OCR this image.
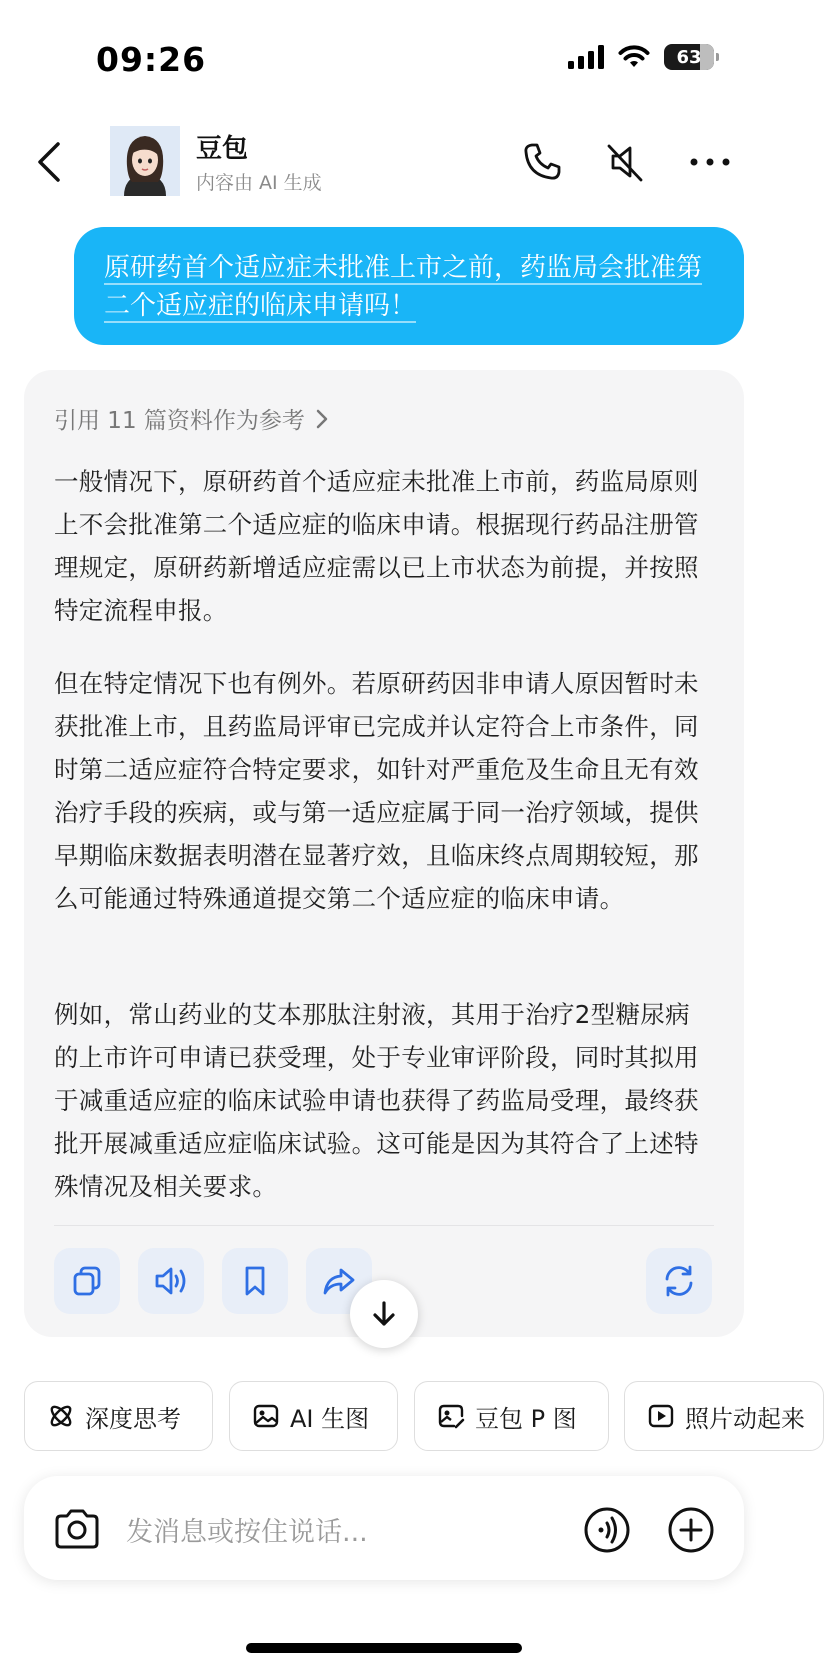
09:26	63
豆包
内容由 AI 生成
原研药首个适应症未批准上市之前，药监局会批准第二个适应症的临床申请吗！
引用 11 篇资料作为参考
一般情况下，原研药首个适应症未批准上市前，药监局原则上不会批准第二个适应症的临床申请。根据现行药品注册管理规定，原研药新增适应症需以已上市状态为前提，并按照特定流程申报。
但在特定情况下也有例外。若原研药因非申请人原因暂时未获批准上市，且药监局评审已完成并认定符合上市条件，同时第二适应症符合特定要求，如针对严重危及生命且无有效治疗手段的疾病，或与第一适应症属于同一治疗领域，提供早期临床数据表明潜在显著疗效，且临床终点周期较短，那么可能通过特殊通道提交第二个适应症的临床申请。
例如，常山药业的艾本那肽注射液，其用于治疗2型糖尿病的上市许可申请已获受理，处于专业审评阶段，同时其拟用于减重适应症的临床试验申请也获得了药监局受理，最终获批开展减重适应症临床试验。这可能是因为其符合了上述特殊情况及相关要求。
深度思考	AI 生图	豆包 P 图	照片动起来
发消息或按住说话...
